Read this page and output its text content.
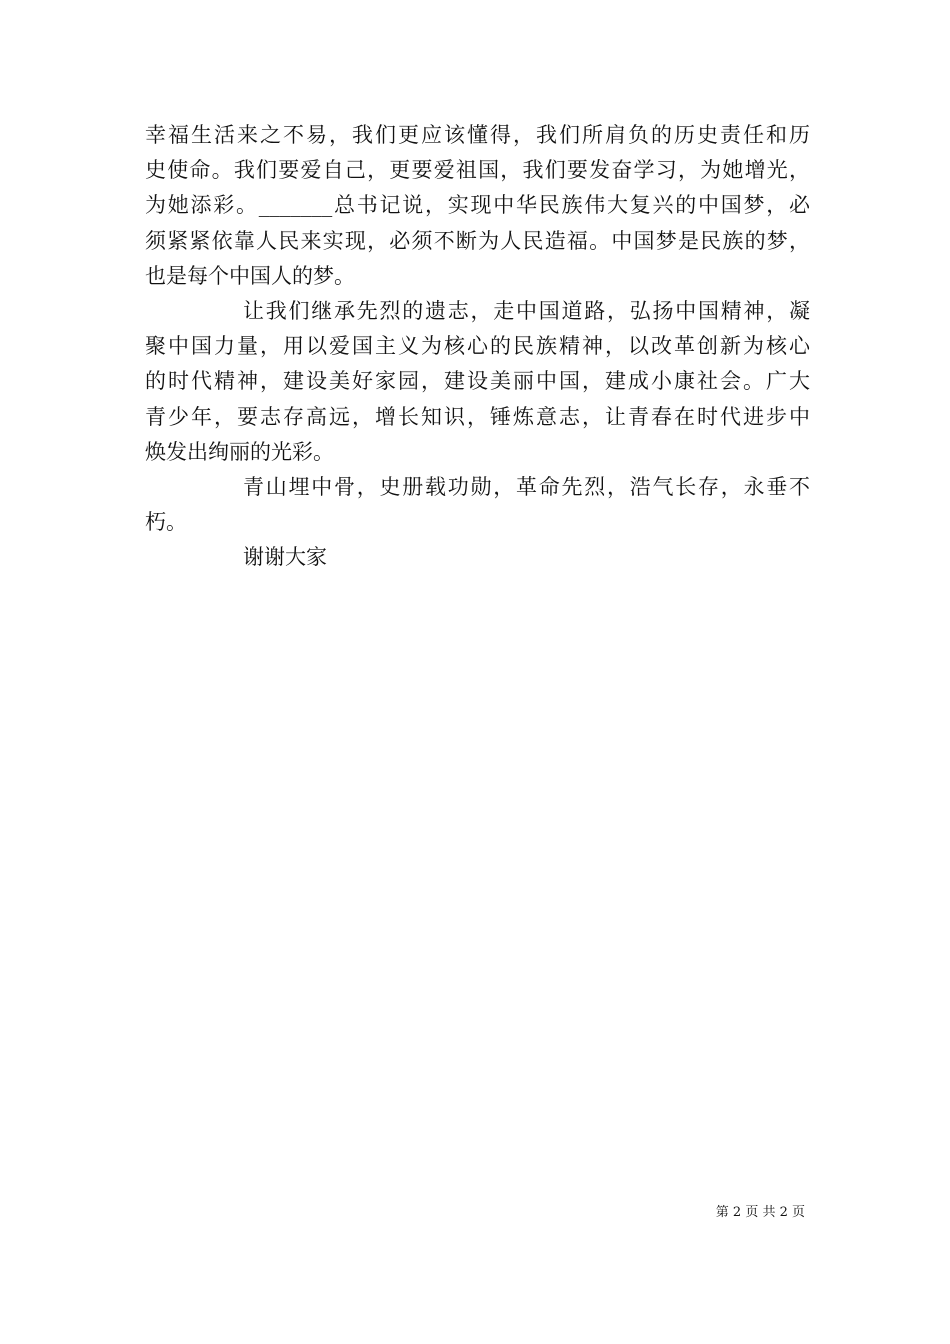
幸福生活来之不易，我们更应该懂得，我们所肩负的历史责任和历
史使命。我们要爱自己，更要爱祖国，我们要发奋学习，为她增光，
为她添彩。_______总书记说，实现中华民族伟大复兴的中国梦，必
须紧紧依靠人民来实现，必须不断为人民造福。中国梦是民族的梦，
也是每个中国人的梦。
让我们继承先烈的遗志，走中国道路，弘扬中国精神，凝
聚中国力量，用以爱国主义为核心的民族精神，以改革创新为核心
的时代精神，建设美好家园，建设美丽中国，建成小康社会。广大
青少年，要志存高远，增长知识，锤炼意志，让青春在时代进步中
焕发出绚丽的光彩。
青山埋中骨，史册载功勋，革命先烈，浩气长存，永垂不
朽。
谢谢大家
第 2 页 共 2 页
